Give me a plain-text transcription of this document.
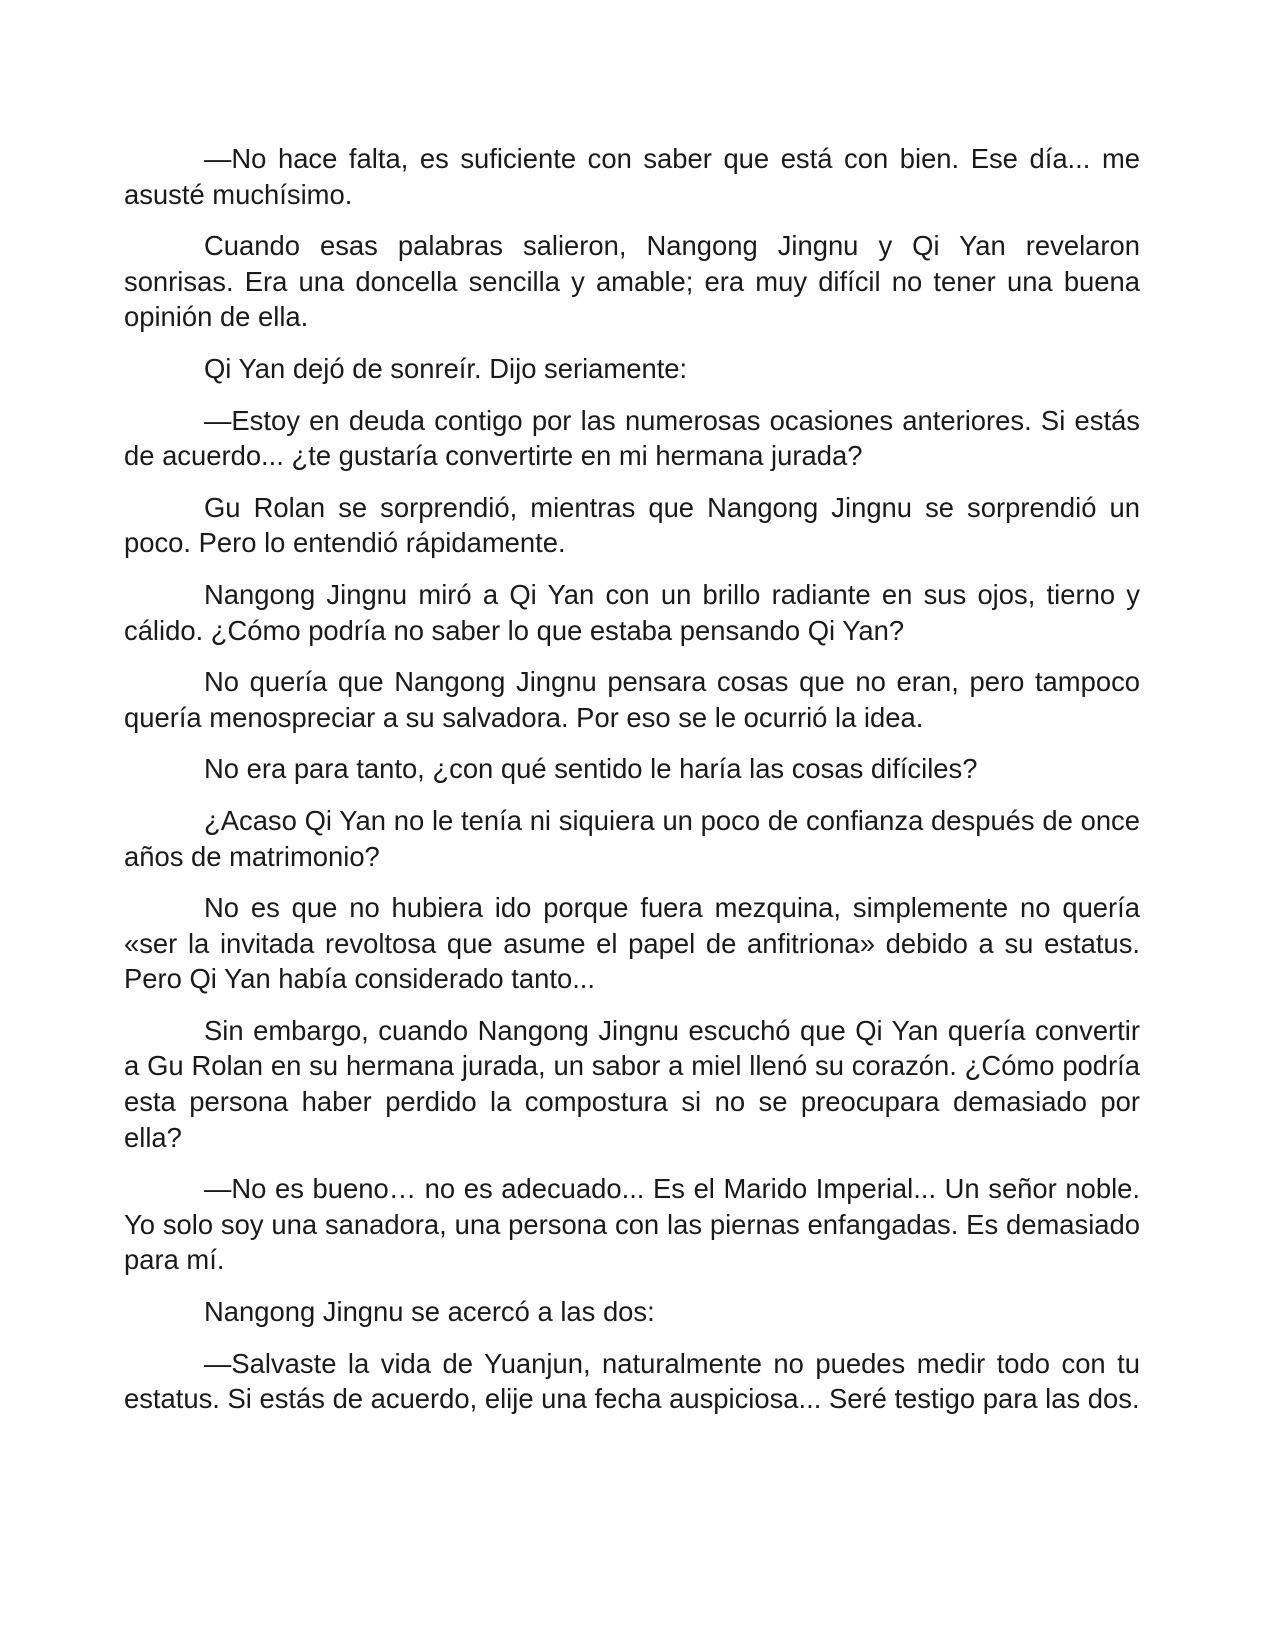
—No hace falta, es suficiente con saber que está con bien. Ese día... me asusté muchísimo.

Cuando esas palabras salieron, Nangong Jingnu y Qi Yan revelaron sonrisas. Era una doncella sencilla y amable; era muy difícil no tener una buena opinión de ella.

Qi Yan dejó de sonreír. Dijo seriamente:

—Estoy en deuda contigo por las numerosas ocasiones anteriores. Si estás de acuerdo... ¿te gustaría convertirte en mi hermana jurada?

Gu Rolan se sorprendió, mientras que Nangong Jingnu se sorprendió un poco. Pero lo entendió rápidamente.

Nangong Jingnu miró a Qi Yan con un brillo radiante en sus ojos, tierno y cálido. ¿Cómo podría no saber lo que estaba pensando Qi Yan?

No quería que Nangong Jingnu pensara cosas que no eran, pero tampoco quería menospreciar a su salvadora. Por eso se le ocurrió la idea.

No era para tanto, ¿con qué sentido le haría las cosas difíciles?

¿Acaso Qi Yan no le tenía ni siquiera un poco de confianza después de once años de matrimonio?

No es que no hubiera ido porque fuera mezquina, simplemente no quería «ser la invitada revoltosa que asume el papel de anfitriona» debido a su estatus. Pero Qi Yan había considerado tanto...

Sin embargo, cuando Nangong Jingnu escuchó que Qi Yan quería convertir a Gu Rolan en su hermana jurada, un sabor a miel llenó su corazón. ¿Cómo podría esta persona haber perdido la compostura si no se preocupara demasiado por ella?

—No es bueno… no es adecuado... Es el Marido Imperial... Un señor noble. Yo solo soy una sanadora, una persona con las piernas enfangadas. Es demasiado para mí.

Nangong Jingnu se acercó a las dos:

—Salvaste la vida de Yuanjun, naturalmente no puedes medir todo con tu estatus. Si estás de acuerdo, elije una fecha auspiciosa... Seré testigo para las dos.
